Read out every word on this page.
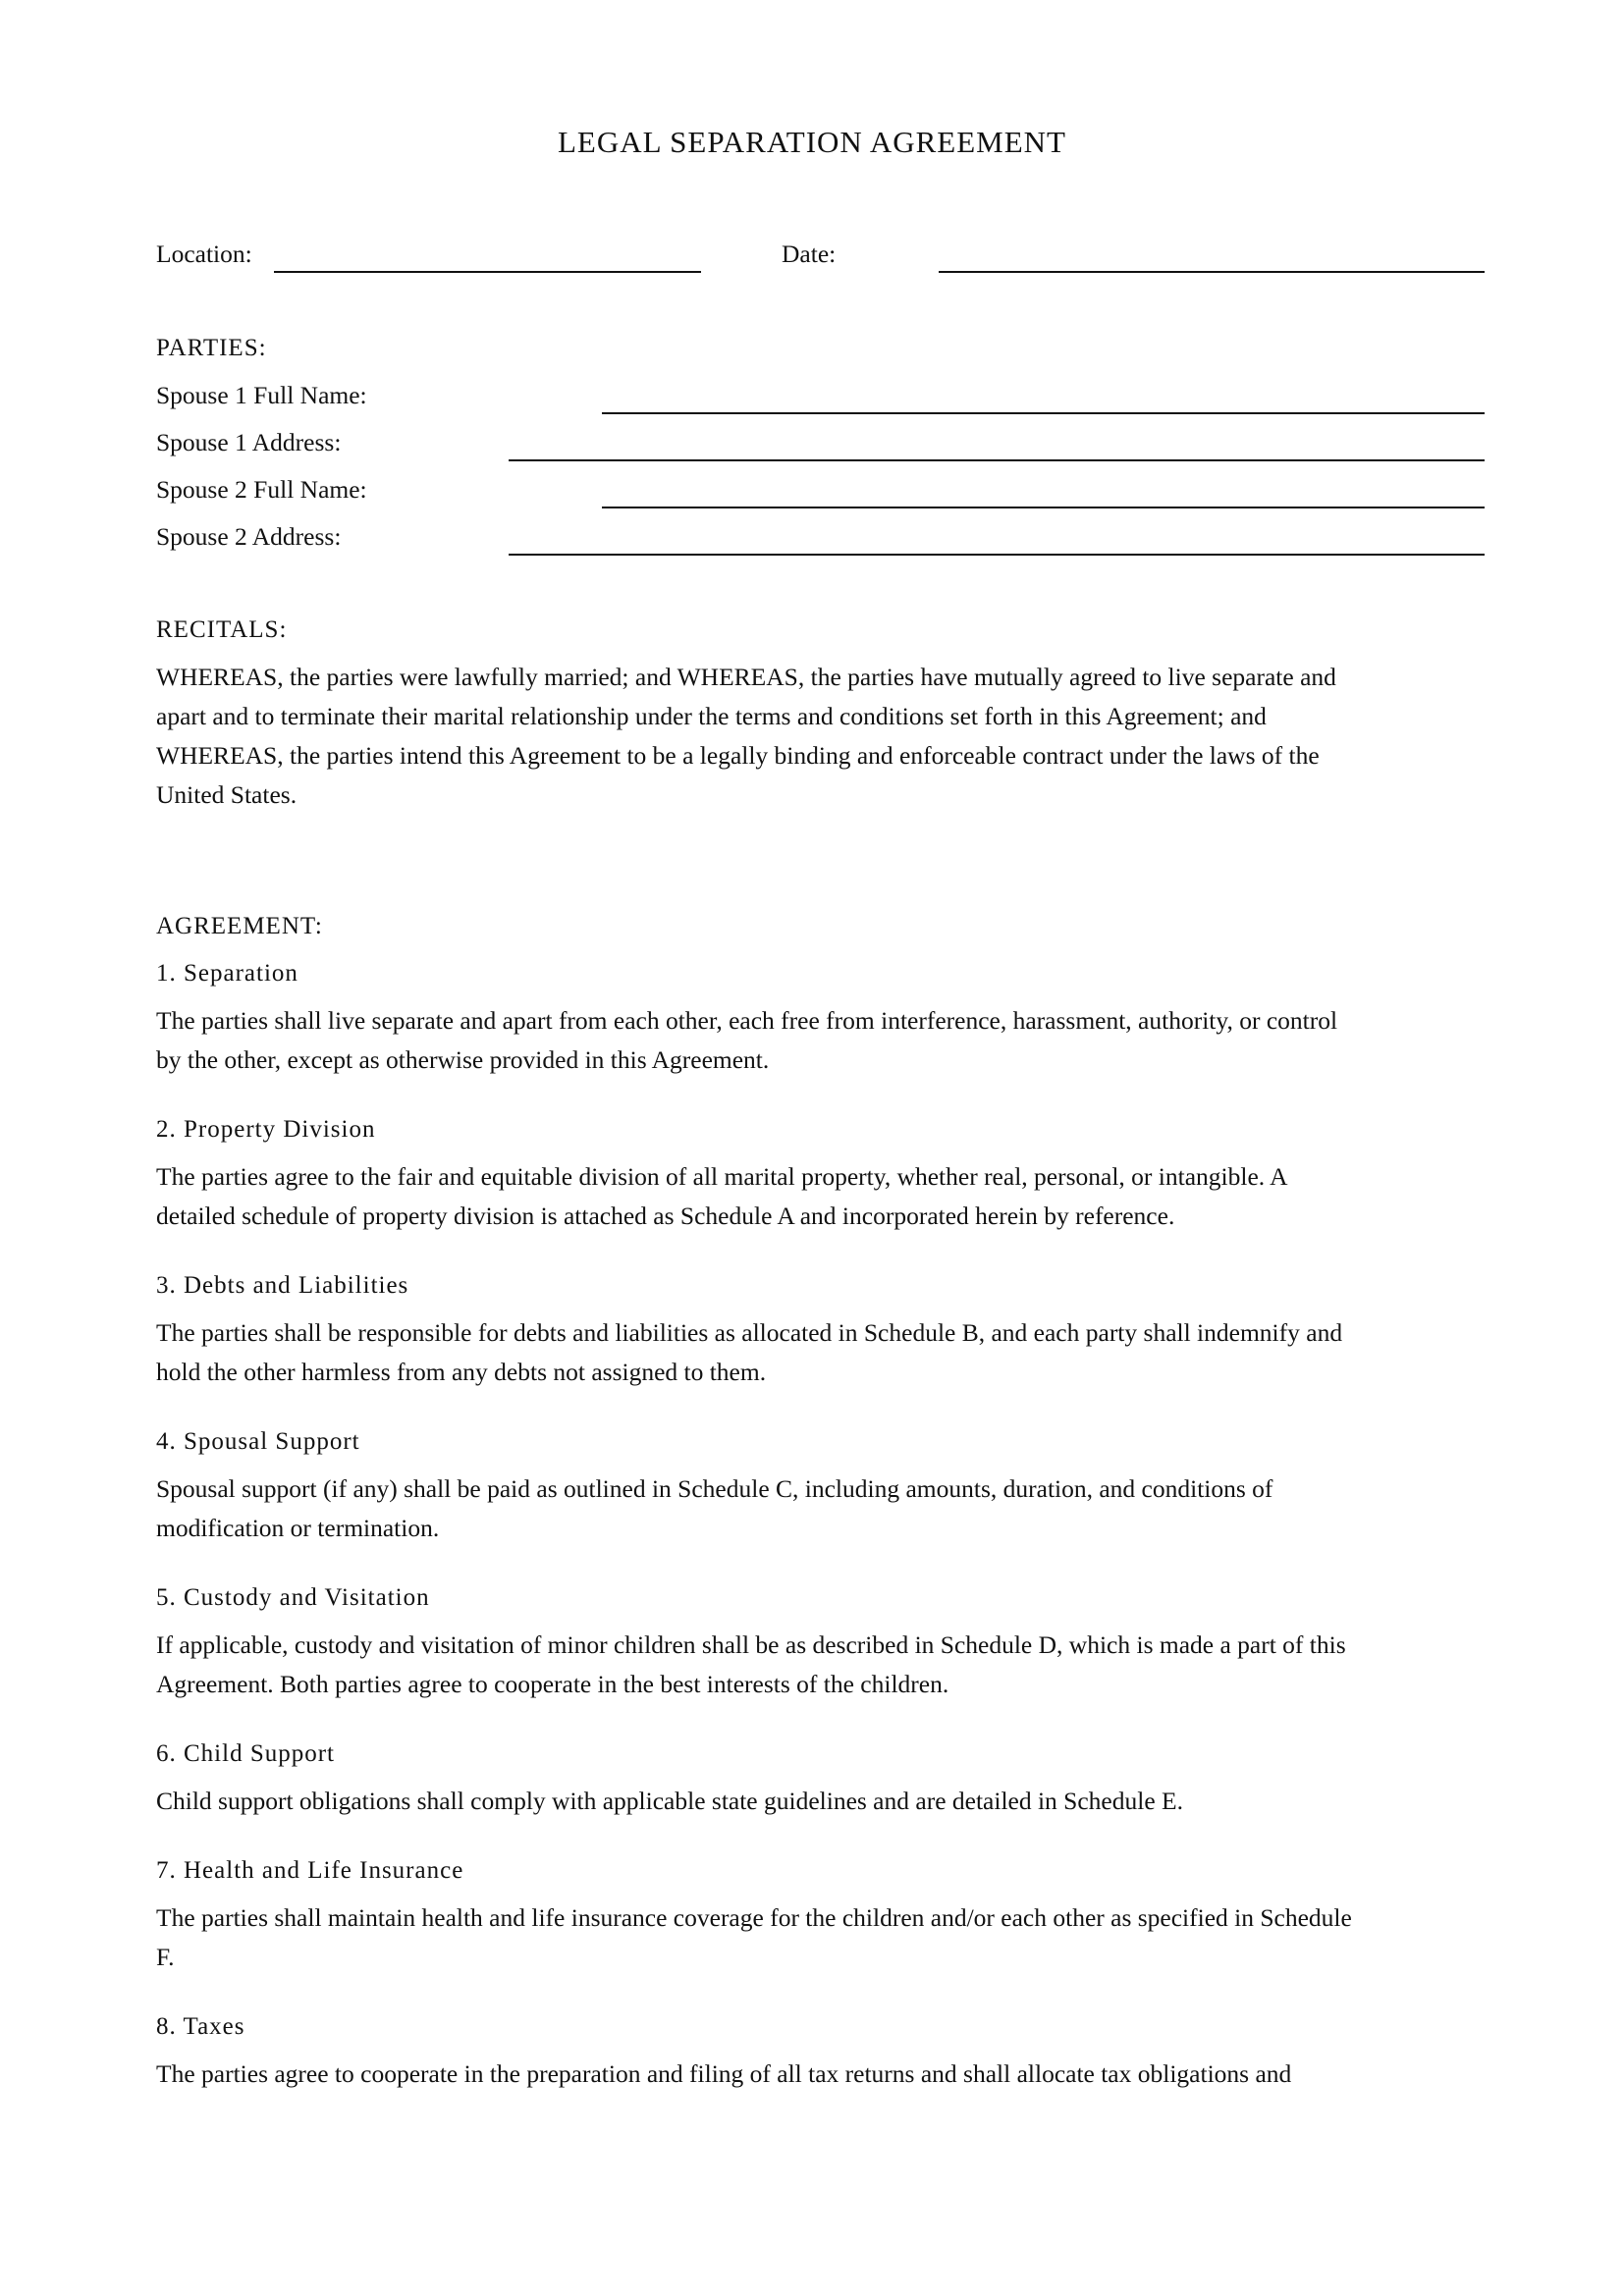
LEGAL SEPARATION AGREEMENT
Location:	Date:
PARTIES:
Spouse 1 Full Name:
Spouse 1 Address:
Spouse 2 Full Name:
Spouse 2 Address:
RECITALS:
WHEREAS, the parties were lawfully married; and WHEREAS, the parties have mutually agreed to live separate and
apart and to terminate their marital relationship under the terms and conditions set forth in this Agreement; and
WHEREAS, the parties intend this Agreement to be a legally binding and enforceable contract under the laws of the
United States.
AGREEMENT:
1. Separation
The parties shall live separate and apart from each other, each free from interference, harassment, authority, or control
by the other, except as otherwise provided in this Agreement.
2. Property Division
The parties agree to the fair and equitable division of all marital property, whether real, personal, or intangible. A
detailed schedule of property division is attached as Schedule A and incorporated herein by reference.
3. Debts and Liabilities
The parties shall be responsible for debts and liabilities as allocated in Schedule B, and each party shall indemnify and
hold the other harmless from any debts not assigned to them.
4. Spousal Support
Spousal support (if any) shall be paid as outlined in Schedule C, including amounts, duration, and conditions of
modification or termination.
5. Custody and Visitation
If applicable, custody and visitation of minor children shall be as described in Schedule D, which is made a part of this
Agreement. Both parties agree to cooperate in the best interests of the children.
6. Child Support
Child support obligations shall comply with applicable state guidelines and are detailed in Schedule E.
7. Health and Life Insurance
The parties shall maintain health and life insurance coverage for the children and/or each other as specified in Schedule
F.
8. Taxes
The parties agree to cooperate in the preparation and filing of all tax returns and shall allocate tax obligations and
